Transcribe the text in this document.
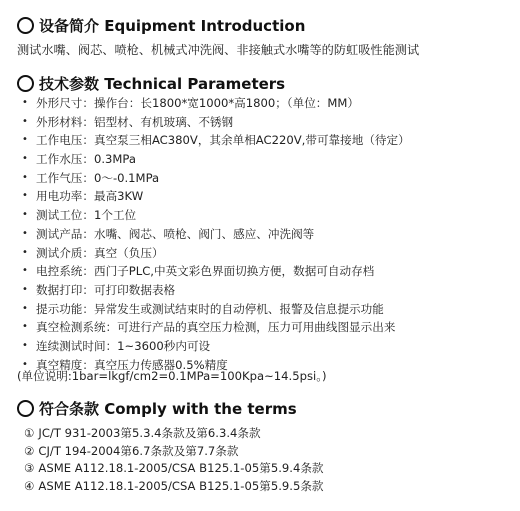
设备简介 Equipment Introduction
测试水嘴、阀芯、喷枪、机械式冲洗阀、非接触式水嘴等的防虹吸性能测试
技术参数 Technical Parameters
• 外形尺寸：操作台：长1800*宽1000*高1800；（单位：MM）
• 外形材料：铝型材、有机玻璃、不锈钢
• 工作电压：真空泵三相AC380V，其余单相AC220V,带可靠接地（待定）
• 工作水压：0.3MPa
• 工作气压：0～-0.1MPa
• 用电功率：最高3KW
• 测试工位：1个工位
• 测试产品：水嘴、阀芯、喷枪、阀门、感应、冲洗阀等
• 测试介质：真空（负压）
• 电控系统：西门子PLC,中英文彩色界面切换方便，数据可自动存档
• 数据打印：可打印数据表格
• 提示功能：异常发生或测试结束时的自动停机、报警及信息提示功能
• 真空检测系统：可进行产品的真空压力检测，压力可用曲线图显示出来
• 连续测试时间：1~3600秒内可设
• 真空精度：真空压力传感器0.5%精度
(单位说明:1bar=lkgf/cm2=0.1MPa=100Kpa~14.5psi。)
符合条款 Comply with the terms
① JC/T 931-2003第5.3.4条款及第6.3.4条款
② CJ/T 194-2004第6.7条款及第7.7条款
③ ASME A112.18.1-2005/CSA B125.1-05第5.9.4条款
④ ASME A112.18.1-2005/CSA B125.1-05第5.9.5条款
